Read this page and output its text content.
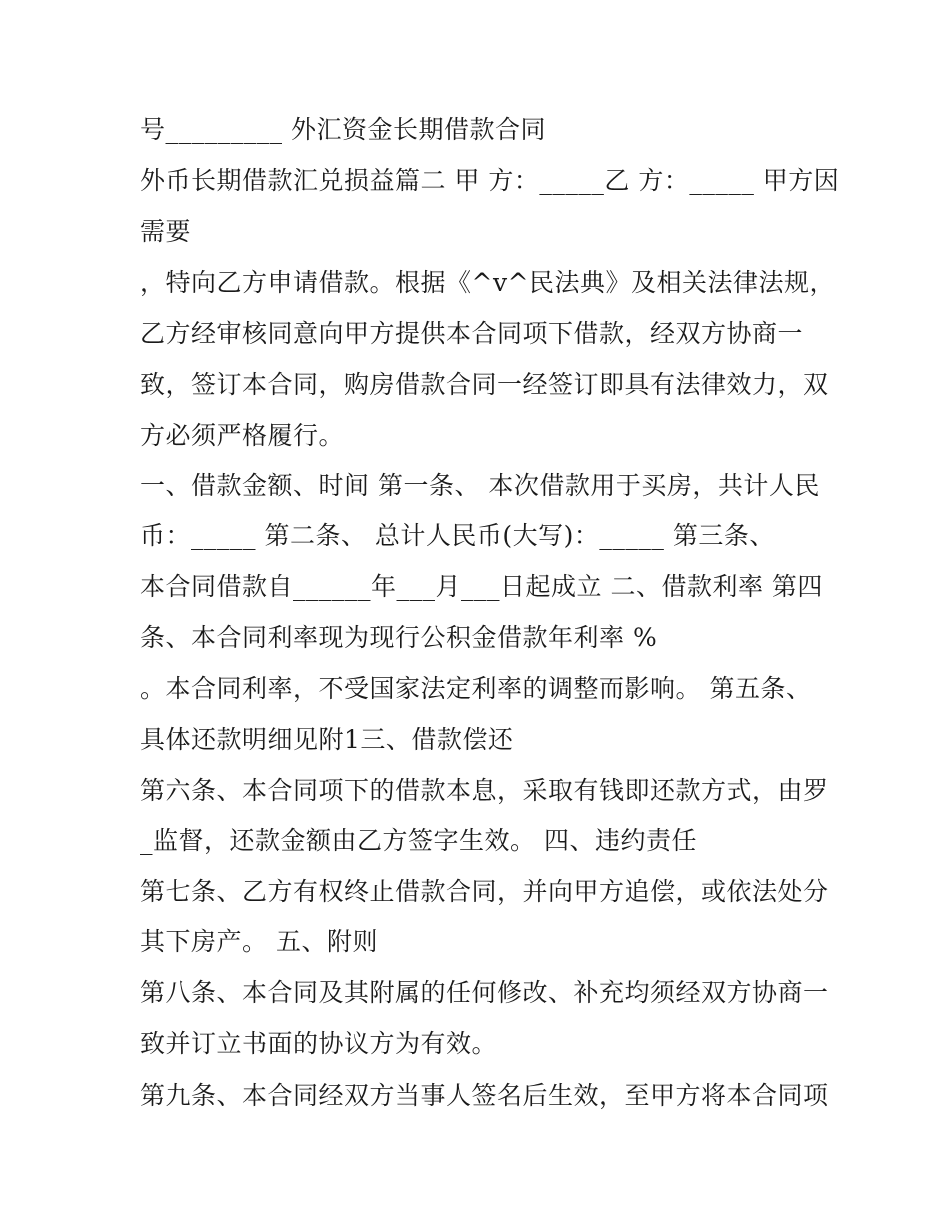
号_________ 外汇资金长期借款合同
外币长期借款汇兑损益篇二 甲 方：_____乙 方：_____ 甲方因
需要
，特向乙方申请借款。根据《^v^民法典》及相关法律法规，
乙方经审核同意向甲方提供本合同项下借款，经双方协商一
致，签订本合同，购房借款合同一经签订即具有法律效力，双
方必须严格履行。
一、借款金额、时间 第一条、 本次借款用于买房，共计人民
币：_____ 第二条、 总计人民币(大写)：_____ 第三条、
本合同借款自______年___月___日起成立 二、借款利率 第四
条、本合同利率现为现行公积金借款年利率 %
。本合同利率，不受国家法定利率的调整而影响。 第五条、
具体还款明细见附1三、借款偿还
第六条、本合同项下的借款本息，采取有钱即还款方式，由罗
_监督，还款金额由乙方签字生效。 四、违约责任
第七条、乙方有权终止借款合同，并向甲方追偿，或依法处分
其下房产。 五、附则
第八条、本合同及其附属的任何修改、补充均须经双方协商一
致并订立书面的协议方为有效。
第九条、本合同经双方当事人签名后生效，至甲方将本合同项
